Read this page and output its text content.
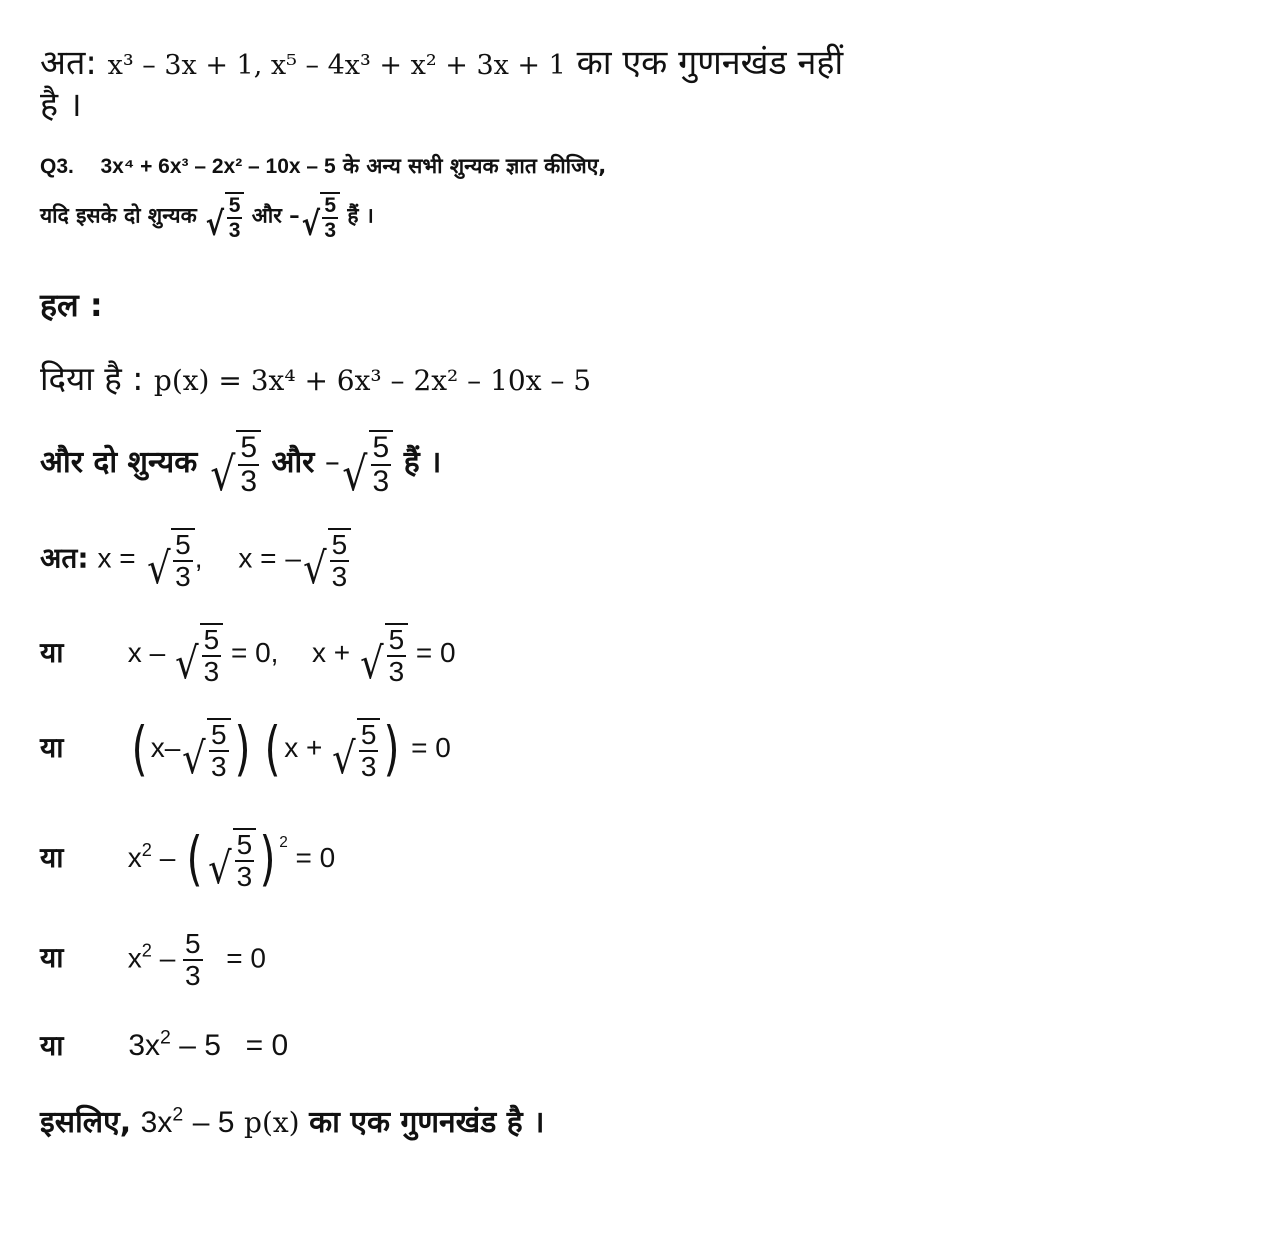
अत: x³ – 3x + 1, x⁵ – 4x³ + x² + 3x + 1 का एक गुणनखंड नहीं
है ।
Q3. 3x⁴ + 6x³ – 2x² – 10x – 5 के अन्य सभी शुन्यक ज्ञात कीजिए,
यदि इसके दो शुन्यक √ $\frac{5}{3}$ और – √ $\frac{5}{3}$ हैं ।
हल :
दिया है : p(x) = 3x⁴ + 6x³ – 2x² – 10x – 5
और दो शुन्यक √ $\frac{5}{3}$ और – √ $\frac{5}{3}$ हैं ।
अत: x = √ $\frac{5}{3}$ , x = – √ $\frac{5}{3}$
या x – √ $\frac{5}{3} = 0$, x + √ $\frac{5}{3} = 0$
या ( x– √ $\frac{5}{3}$ ) ( x + √ $\frac{5}{3}$ ) = 0
या $x^2$ – ( √ $\frac{5}{3}$ ) $^2$ = 0
या $x^2 - \frac{5}{3} = 0$
या $3x^2 - 5 = 0$
इसलिए, $3x^2 - 5$ p(x) का एक गुणनखंड है ।
